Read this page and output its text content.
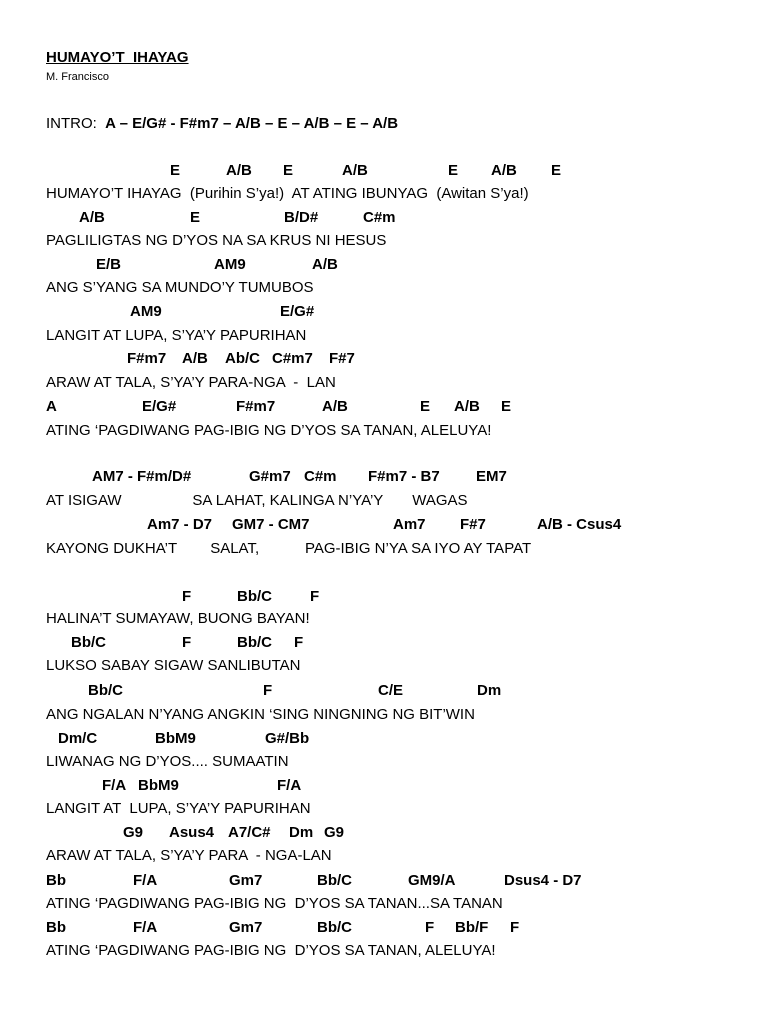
HUMAYO’T  IHAYAG
M. Francisco
INTRO:  A – E/G# - F#m7 – A/B – E – A/B – E – A/B
E	A/B E	A/B	E A/B E
HUMAYO’T IHAYAG  (Purihin S’ya!)  AT ATING IBUNYAG  (Awitan S’ya!)
A/B	E	B/D#	C#m
PAGLILIGTAS NG D’YOS NA SA KRUS NI HESUS
E/B	AM9	A/B
ANG S’YANG SA MUNDO’Y TUMUBOS
AM9	E/G#
LANGIT AT LUPA, S’YA’Y PAPURIHAN
F#m7 A/B Ab/C C#m7 F#7
ARAW AT TALA, S’YA’Y PARA-NGA  -  LAN
A	E/G#	F#m7	A/B	E A/B E
ATING ‘PAGDIWANG PAG-IBIG NG D’YOS SA TANAN, ALELUYA!
AM7 - F#m/D#	G#m7 C#m F#m7 - B7 EM7
AT ISIGAW                 SA LAHAT, KALINGA N’YA’Y       WAGAS
Am7 - D7 GM7 - CM7	Am7 F#7	A/B - Csus4
KAYONG DUKHA’T        SALAT,           PAG-IBIG N’YA SA IYO AY TAPAT
F	Bb/C	F
HALINA’T SUMAYAW, BUONG BAYAN!
Bb/C	F	Bb/C F
LUKSO SABAY SIGAW SANLIBUTAN
Bb/C	F	C/E	Dm
ANG NGALAN N’YANG ANGKIN ‘SING NINGNING NG BIT’WIN
Dm/C	BbM9	G#/Bb
LIWANAG NG D’YOS.... SUMAATIN
F/A BbM9	F/A
LANGIT AT  LUPA, S’YA’Y PAPURIHAN
G9 Asus4 A7/C# Dm G9
ARAW AT TALA, S’YA’Y PARA  - NGA-LAN
Bb	F/A	Gm7	Bb/C	GM9/A	Dsus4 - D7
ATING ‘PAGDIWANG PAG-IBIG NG  D’YOS SA TANAN...SA TANAN
Bb	F/A	Gm7	Bb/C	F Bb/F F
ATING ‘PAGDIWANG PAG-IBIG NG  D’YOS SA TANAN, ALELUYA!
